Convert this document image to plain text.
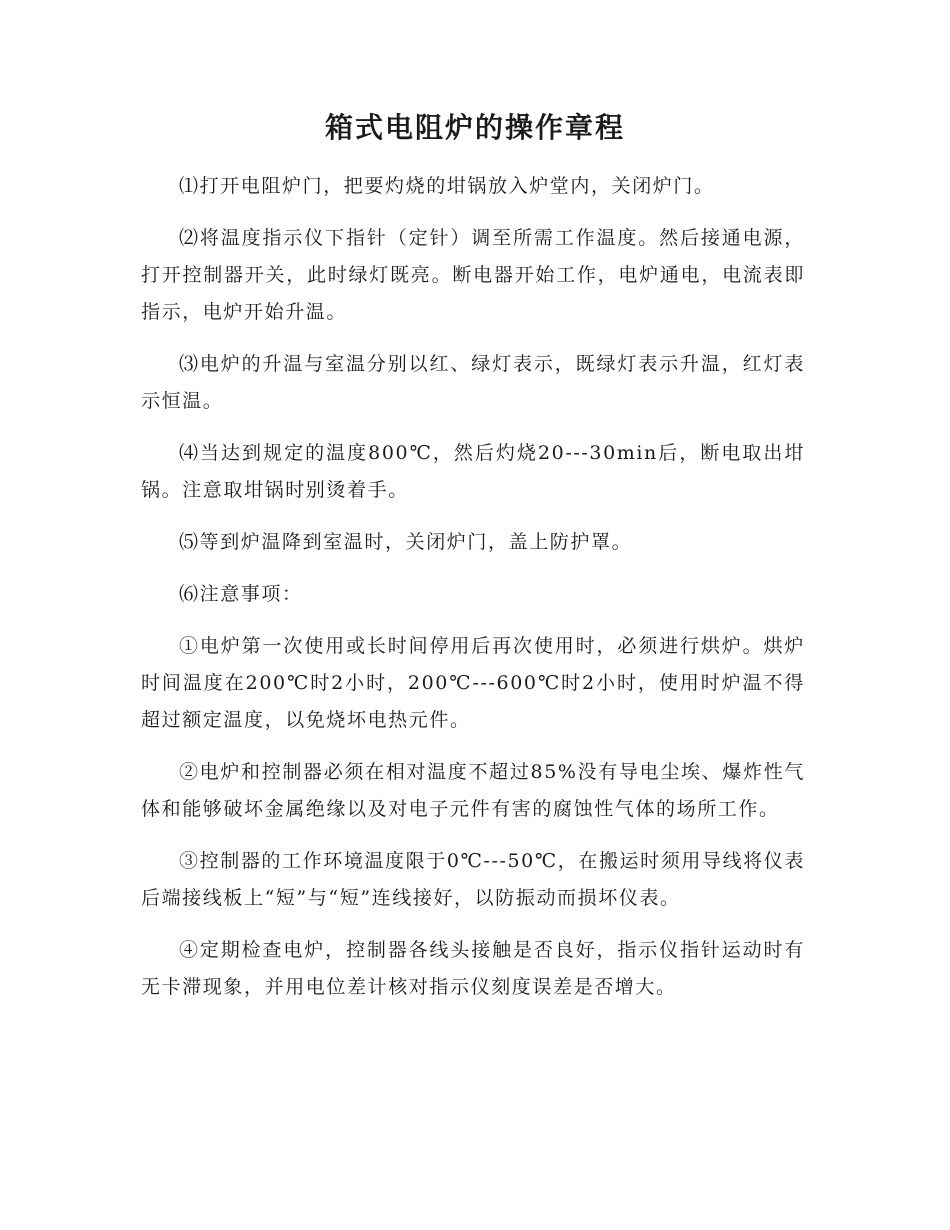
箱式电阻炉的操作章程

⑴打开电阻炉门，把要灼烧的坩锅放入炉堂内，关闭炉门。

⑵将温度指示仪下指针（定针）调至所需工作温度。然后接通电源，打开控制器开关，此时绿灯既亮。断电器开始工作，电炉通电，电流表即指示，电炉开始升温。

⑶电炉的升温与室温分别以红、绿灯表示，既绿灯表示升温，红灯表示恒温。

⑷当达到规定的温度800℃，然后灼烧20---30min后，断电取出坩锅。注意取坩锅时别烫着手。

⑸等到炉温降到室温时，关闭炉门，盖上防护罩。

⑹注意事项：

①电炉第一次使用或长时间停用后再次使用时，必须进行烘炉。烘炉时间温度在200℃时2小时，200℃---600℃时2小时，使用时炉温不得超过额定温度，以免烧坏电热元件。

②电炉和控制器必须在相对温度不超过85%没有导电尘埃、爆炸性气体和能够破坏金属绝缘以及对电子元件有害的腐蚀性气体的场所工作。

③控制器的工作环境温度限于0℃---50℃，在搬运时须用导线将仪表后端接线板上“短”与“短”连线接好，以防振动而损坏仪表。

④定期检查电炉，控制器各线头接触是否良好，指示仪指针运动时有无卡滞现象，并用电位差计核对指示仪刻度误差是否增大。
